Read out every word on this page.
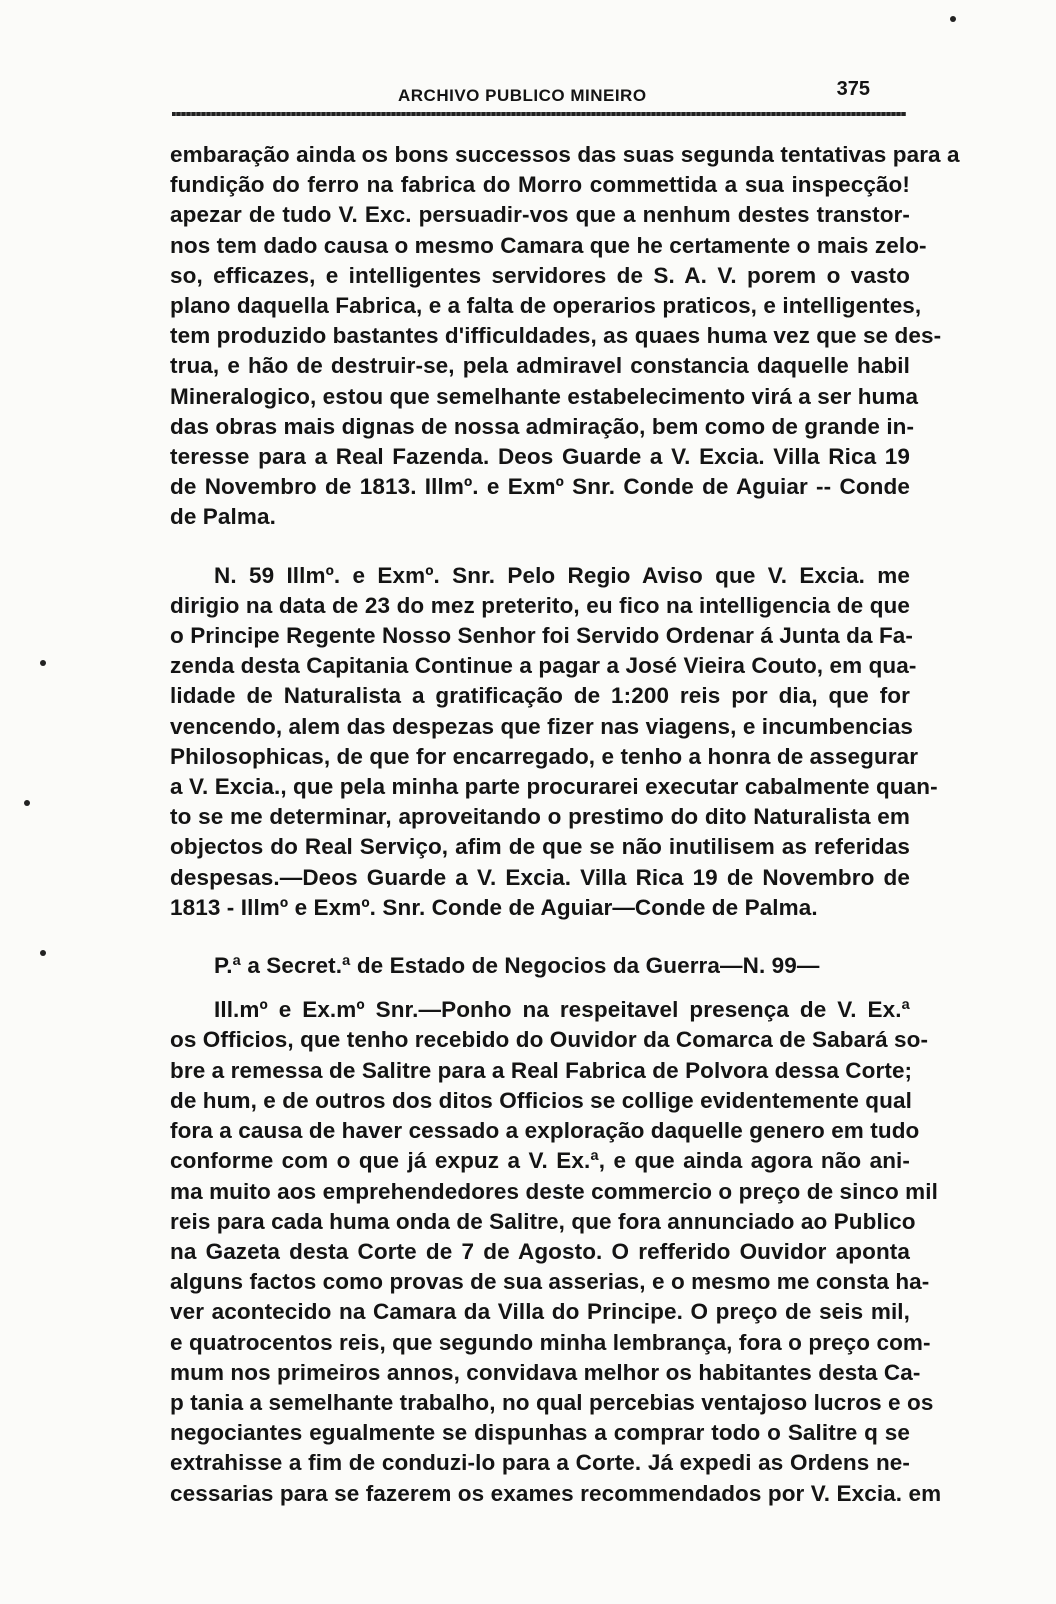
ARCHIVO PUBLICO MINEIRO	375

embaração ainda os bons successos das suas segunda tentativas para a
fundição do ferro na fabrica do Morro commettida a sua inspecção!
apezar de tudo V. Exc. persuadir-vos que a nenhum destes transtor-
nos tem dado causa o mesmo Camara que he certamente o mais zelo-
so, efficazes, e intelligentes servidores de S. A. V. porem o vasto
plano daquella Fabrica, e a falta de operarios praticos, e intelligentes,
tem produzido bastantes d'ifficuldades, as quaes huma vez que se des-
trua, e hão de destruir-se, pela admiravel constancia daquelle habil
Mineralogico, estou que semelhante estabelecimento virá a ser huma
das obras mais dignas de nossa admiração, bem como de grande in-
teresse para a Real Fazenda. Deos Guarde a V. Excia. Villa Rica 19
de Novembro de 1813. Illmº. e Exmº Snr. Conde de Aguiar -- Conde
de Palma.

N. 59 Illmº. e Exmº. Snr. Pelo Regio Aviso que V. Excia. me
dirigio na data de 23 do mez preterito, eu fico na intelligencia de que
o Principe Regente Nosso Senhor foi Servido Ordenar á Junta da Fa-
zenda desta Capitania Continue a pagar a José Vieira Couto, em qua-
lidade de Naturalista a gratificação de 1:200 reis por dia, que for
vencendo, alem das despezas que fizer nas viagens, e incumbencias
Philosophicas, de que for encarregado, e tenho a honra de assegurar
a V. Excia., que pela minha parte procurarei executar cabalmente quan-
to se me determinar, aproveitando o prestimo do dito Naturalista em
objectos do Real Serviço, afim de que se não inutilisem as referidas
despesas.—Deos Guarde a V. Excia. Villa Rica 19 de Novembro de
1813 - Illmº e Exmº. Snr. Conde de Aguiar—Conde de Palma.

P.ª a Secret.ª de Estado de Negocios da Guerra—N. 99—

Ill.mº e Ex.mº Snr.—Ponho na respeitavel presença de V. Ex.ª
os Officios, que tenho recebido do Ouvidor da Comarca de Sabará so-
bre a remessa de Salitre para a Real Fabrica de Polvora dessa Corte;
de hum, e de outros dos ditos Officios se collige evidentemente qual
fora a causa de haver cessado a exploração daquelle genero em tudo
conforme com o que já expuz a V. Ex.ª, e que ainda agora não ani-
ma muito aos emprehendedores deste commercio o preço de sinco mil
reis para cada huma onda de Salitre, que fora annunciado ao Publico
na Gazeta desta Corte de 7 de Agosto. O refferido Ouvidor aponta
alguns factos como provas de sua asserias, e o mesmo me consta ha-
ver acontecido na Camara da Villa do Principe. O preço de seis mil,
e quatrocentos reis, que segundo minha lembrança, fora o preço com-
mum nos primeiros annos, convidava melhor os habitantes desta Ca-
p tania a semelhante trabalho, no qual percebias ventajoso lucros e os
negociantes egualmente se dispunhas a comprar todo o Salitre q se
extrahisse a fim de conduzi-lo para a Corte. Já expedi as Ordens ne-
cessarias para se fazerem os exames recommendados por V. Excia. em
